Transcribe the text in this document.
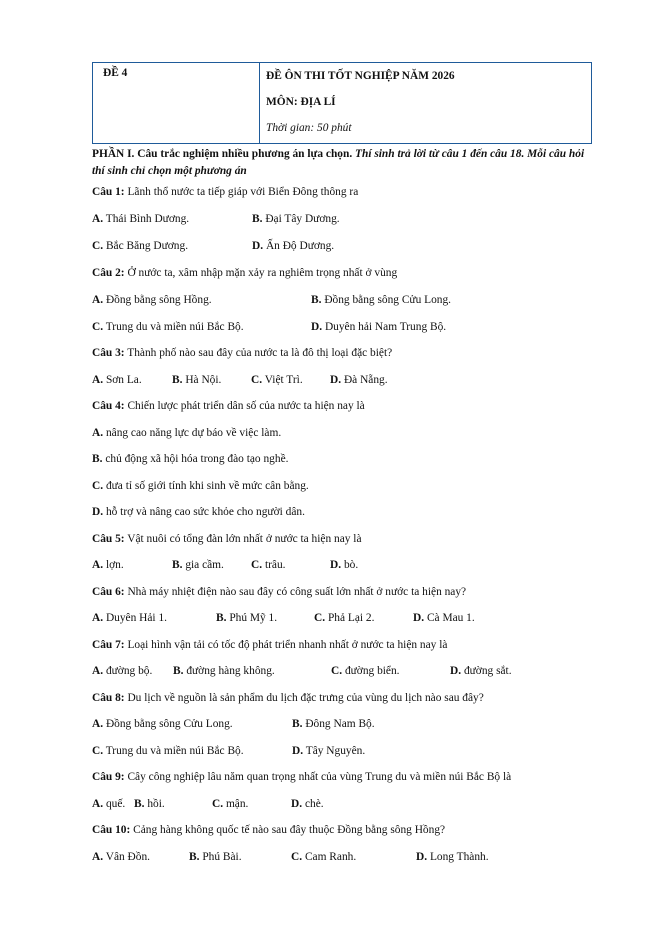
ĐỀ 4	ĐỀ ÔN THI TỐT NGHIỆP NĂM 2026
MÔN: ĐỊA LÍ
Thời gian: 50 phút
PHẦN I. Câu trắc nghiệm nhiều phương án lựa chọn. Thí sinh trả lời từ câu 1 đến câu 18. Mỗi câu hỏi thí sinh chỉ chọn một phương án
Câu 1: Lãnh thổ nước ta tiếp giáp với Biển Đông thông ra
A. Thái Bình Dương.	B. Đại Tây Dương.
C. Bắc Băng Dương.	D. Ấn Độ Dương.
Câu 2: Ở nước ta, xâm nhập mặn xảy ra nghiêm trọng nhất ở vùng
A. Đồng bằng sông Hồng.	B. Đồng bằng sông Cửu Long.
C. Trung du và miền núi Bắc Bộ.	D. Duyên hải Nam Trung Bộ.
Câu 3: Thành phố nào sau đây của nước ta là đô thị loại đặc biệt?
A. Sơn La.	B. Hà Nội.	C. Việt Trì. D. Đà Nẵng.
Câu 4: Chiến lược phát triển dân số của nước ta hiện nay là
A. nâng cao năng lực dự báo về việc làm.
B. chủ động xã hội hóa trong đào tạo nghề.
C. đưa tỉ số giới tính khi sinh về mức cân bằng.
D. hỗ trợ và nâng cao sức khỏe cho người dân.
Câu 5: Vật nuôi có tổng đàn lớn nhất ở nước ta hiện nay là
A. lợn.	B. gia cầm. C. trâu.	D. bò.
Câu 6: Nhà máy nhiệt điện nào sau đây có công suất lớn nhất ở nước ta hiện nay?
A. Duyên Hải 1.	B. Phú Mỹ 1.	C. Phả Lại 2.	D. Cà Mau 1.
Câu 7: Loại hình vận tải có tốc độ phát triển nhanh nhất ở nước ta hiện nay là
A. đường bộ. B. đường hàng không.	C. đường biển.	D. đường sắt.
Câu 8: Du lịch về nguồn là sản phẩm du lịch đặc trưng của vùng du lịch nào sau đây?
A. Đồng bằng sông Cửu Long.	B. Đông Nam Bộ.
C. Trung du và miền núi Bắc Bộ.	D. Tây Nguyên.
Câu 9: Cây công nghiệp lâu năm quan trọng nhất của vùng Trung du và miền núi Bắc Bộ là
A. quế. B. hồi.	C. mận.	D. chè.
Câu 10: Cảng hàng không quốc tế nào sau đây thuộc Đồng bằng sông Hồng?
A. Vân Đồn.	B. Phú Bài.	C. Cam Ranh.	D. Long Thành.
